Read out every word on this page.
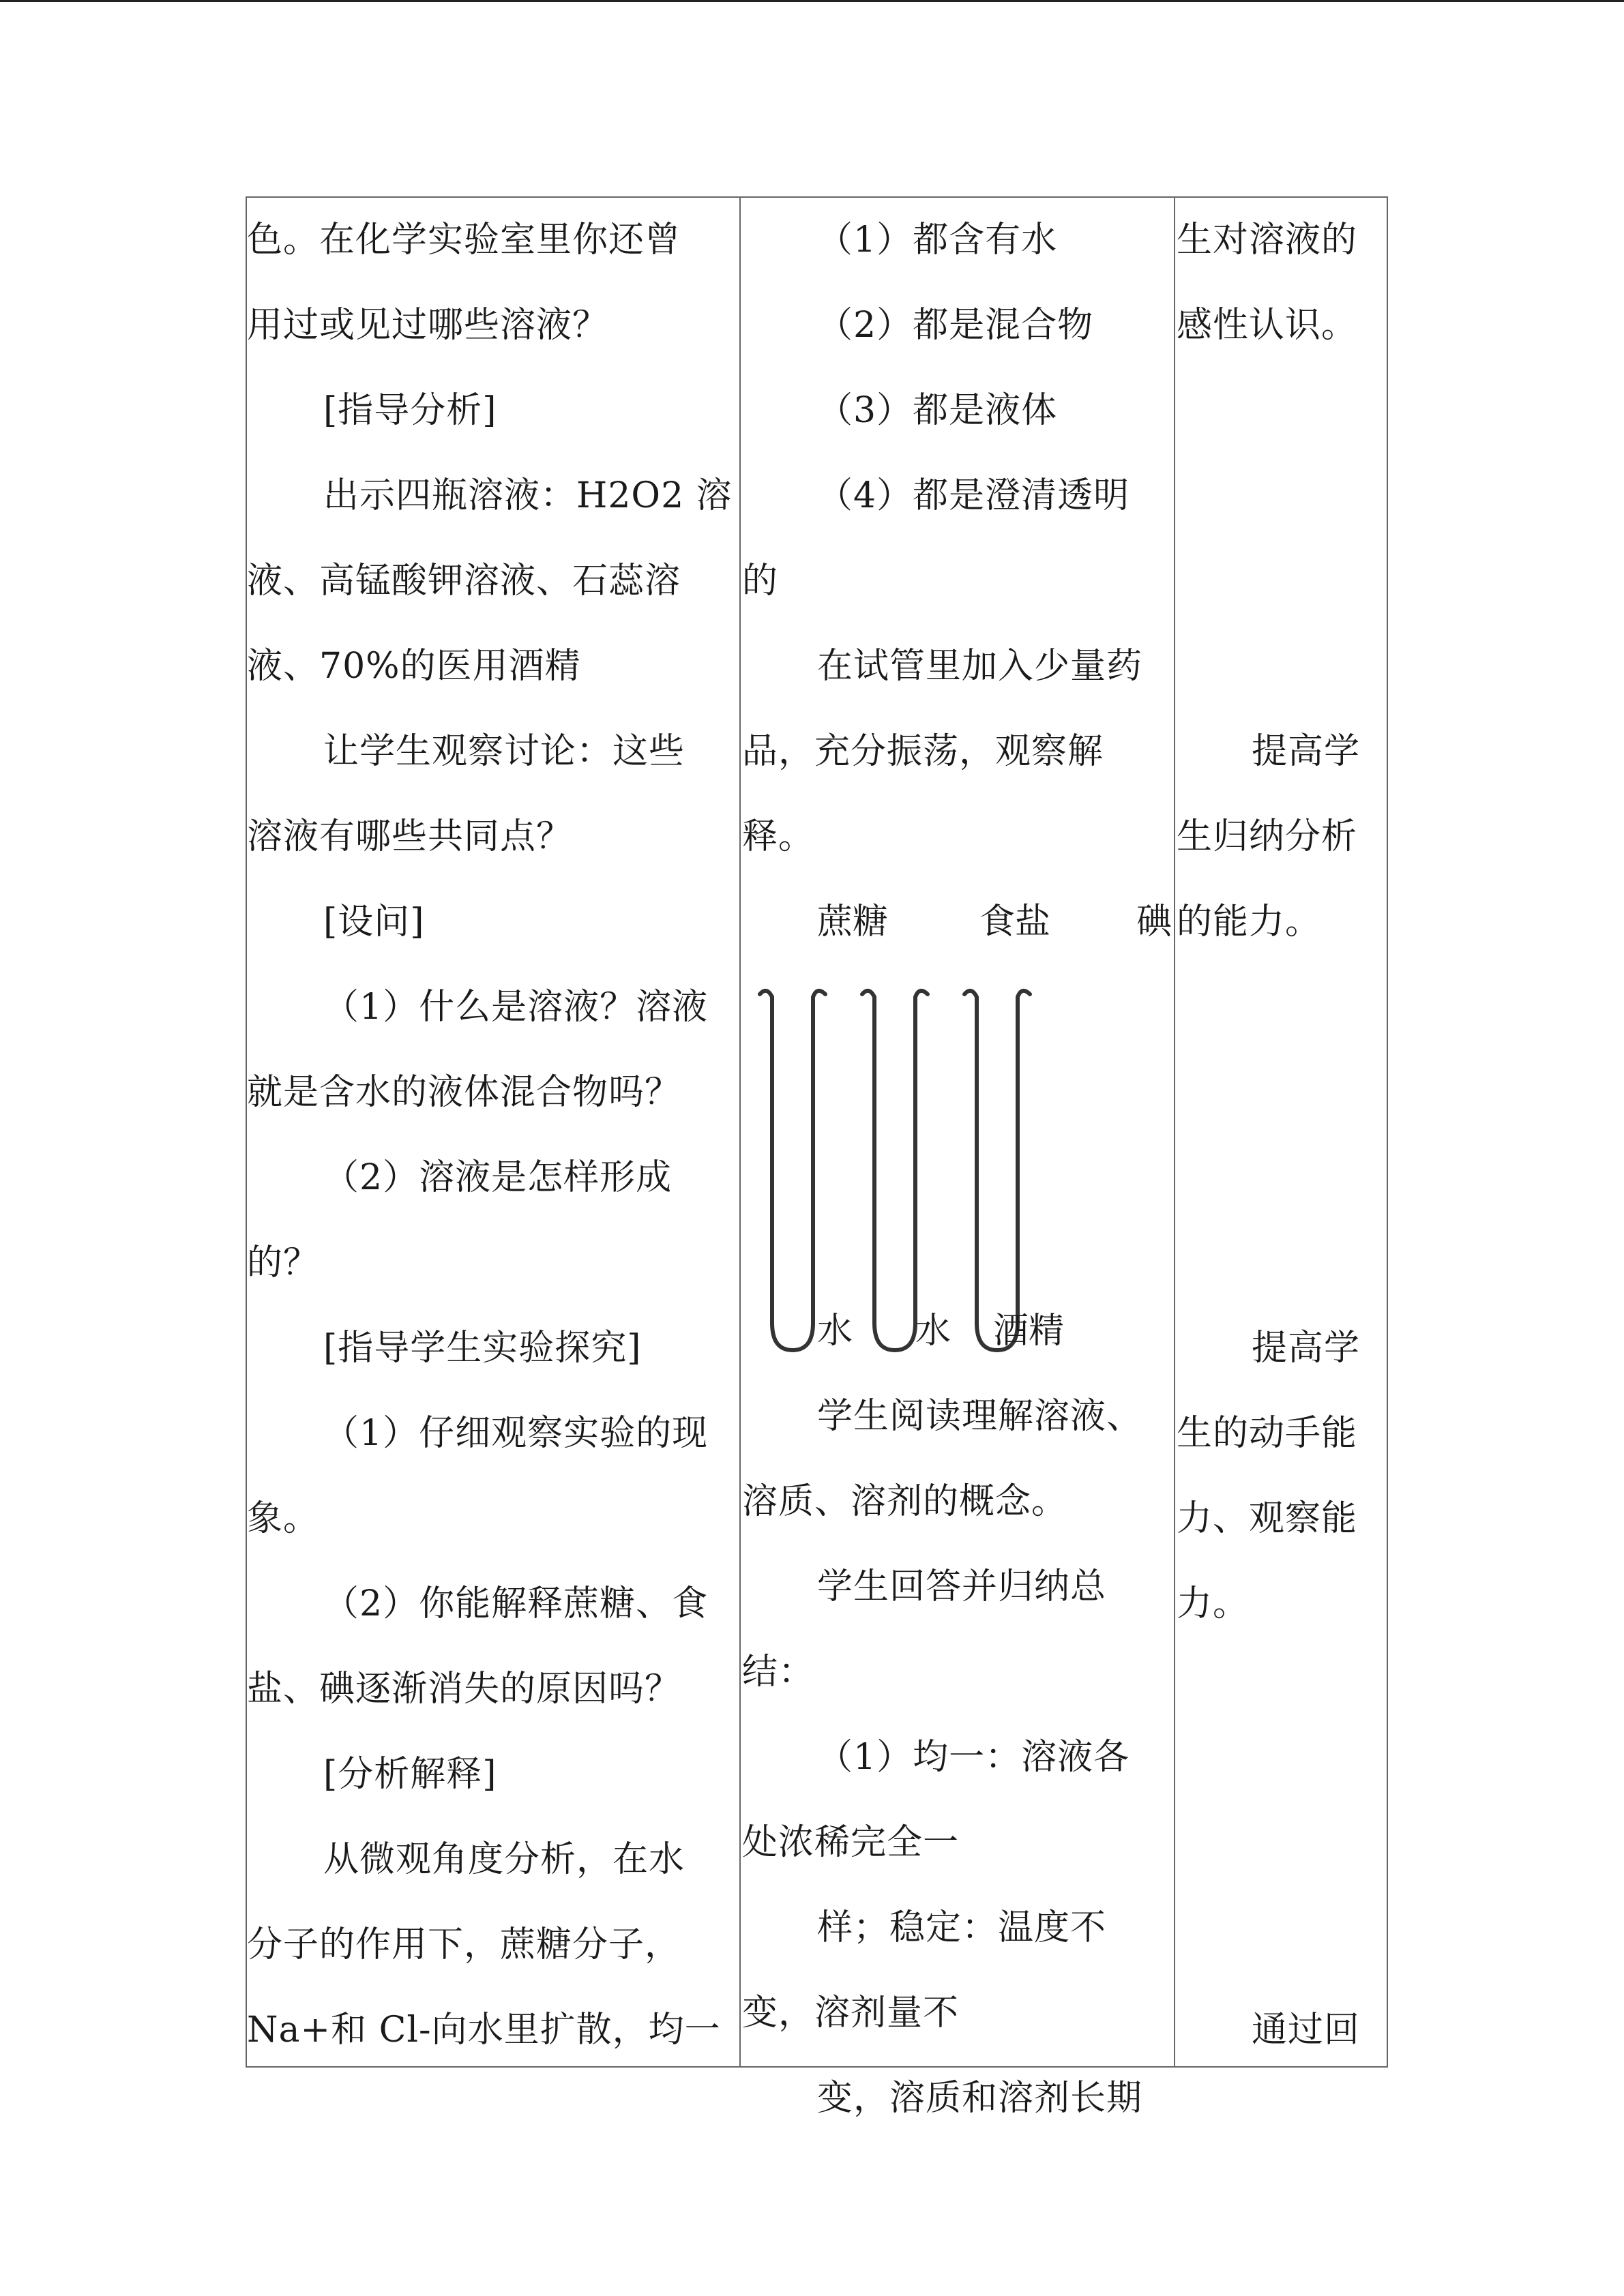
色。在化学实验室里你还曾
用过或见过哪些溶液？
[指导分析]
出示四瓶溶液：H2O2 溶
液、高锰酸钾溶液、石蕊溶
液、70%的医用酒精
让学生观察讨论：这些
溶液有哪些共同点？
[设问]
（1）什么是溶液？溶液
就是含水的液体混合物吗？
（2）溶液是怎样形成
的？
[指导学生实验探究]
（1）仔细观察实验的现
象。
（2）你能解释蔗糖、食
盐、碘逐渐消失的原因吗？
[分析解释]
从微观角度分析，在水
分子的作用下，蔗糖分子，
Na+和 Cl-向水里扩散，均一
（1）都含有水
（2）都是混合物
（3）都是液体
（4）都是澄清透明
的
在试管里加入少量药
品，充分振荡，观察解
释。
蔗糖	食盐 碘
水 水 酒精
学生阅读理解溶液、
溶质、溶剂的概念。
学生回答并归纳总
结：
（1）均一：溶液各
处浓稀完全一
样；稳定：温度不
变，溶剂量不
变，溶质和溶剂长期
生对溶液的
感性认识。
提高学
生归纳分析
的能力。
提高学
生的动手能
力、观察能
力。
通过回
